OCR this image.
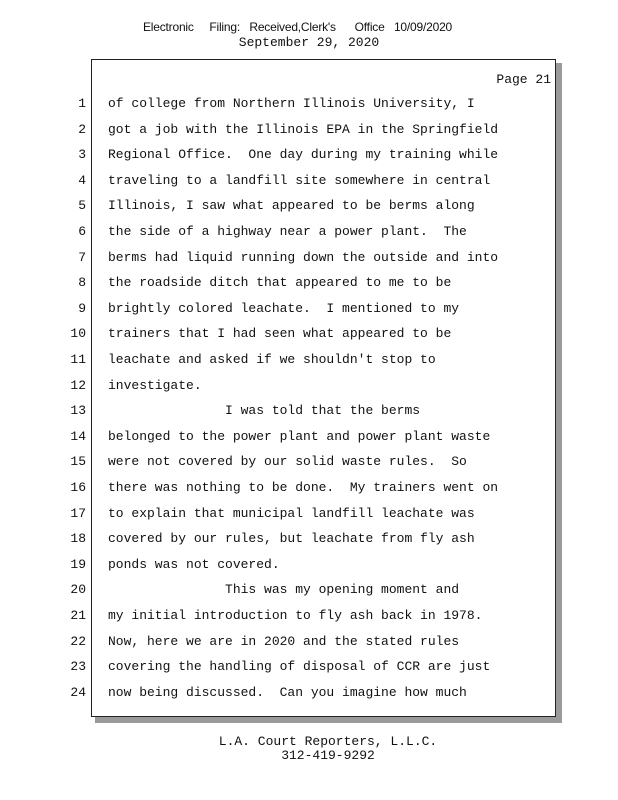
Electronic     Filing:   Received,Clerk's      Office   10/09/2020
September 29, 2020
Page 21
1 of college from Northern Illinois University, I
2 got a job with the Illinois EPA in the Springfield
3 Regional Office.  One day during my training while
4 traveling to a landfill site somewhere in central
5 Illinois, I saw what appeared to be berms along
6 the side of a highway near a power plant.  The
7 berms had liquid running down the outside and into
8 the roadside ditch that appeared to me to be
9 brightly colored leachate.  I mentioned to my
10 trainers that I had seen what appeared to be
11 leachate and asked if we shouldn't stop to
12 investigate.
13 I was told that the berms
14 belonged to the power plant and power plant waste
15 were not covered by our solid waste rules.  So
16 there was nothing to be done.  My trainers went on
17 to explain that municipal landfill leachate was
18 covered by our rules, but leachate from fly ash
19 ponds was not covered.
20 This was my opening moment and
21 my initial introduction to fly ash back in 1978.
22 Now, here we are in 2020 and the stated rules
23 covering the handling of disposal of CCR are just
24 now being discussed.  Can you imagine how much
L.A. Court Reporters, L.L.C.
312-419-9292
